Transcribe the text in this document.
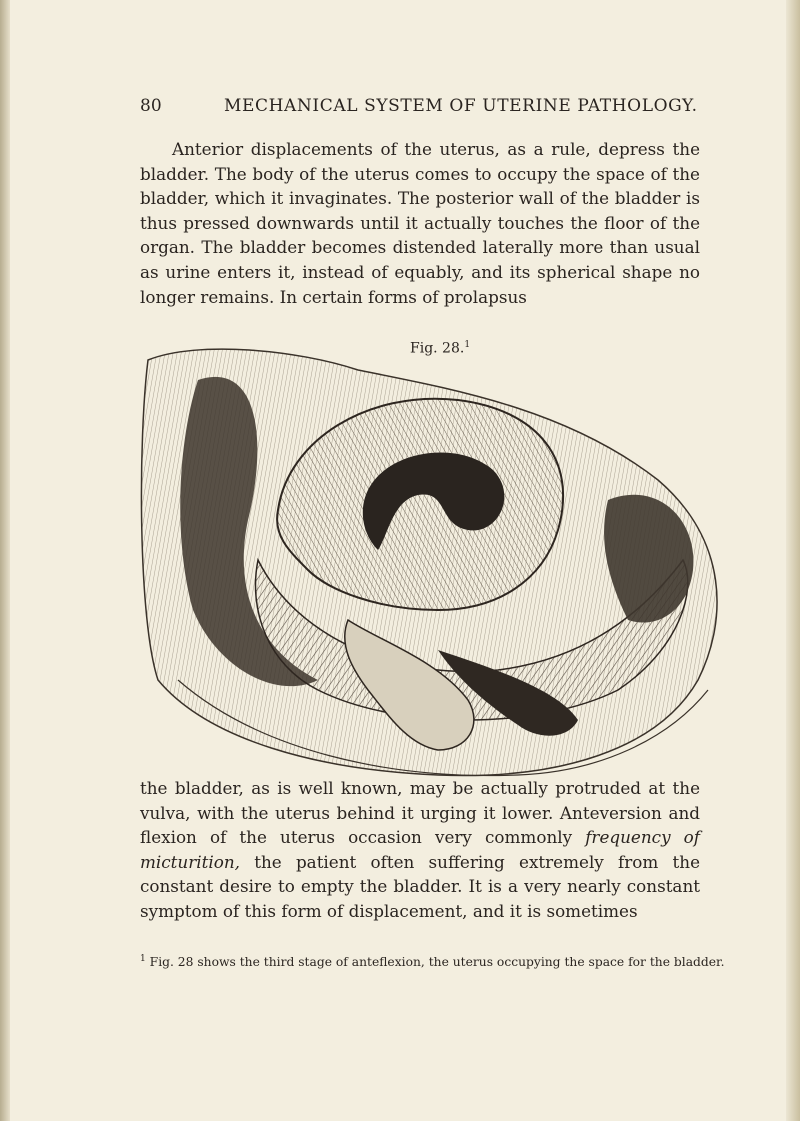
80	MECHANICAL SYSTEM OF UTERINE PATHOLOGY.

Anterior displacements of the uterus, as a rule, depress the bladder. The body of the uterus comes to occupy the space of the bladder, which it invaginates. The posterior wall of the bladder is thus pressed downwards until it actually touches the floor of the organ. The bladder becomes distended laterally more than usual as urine enters it, instead of equably, and its spherical shape no longer remains. In certain forms of prolapsus

Fig. 28.$^1$

the bladder, as is well known, may be actually protruded at the vulva, with the uterus behind it urging it lower. Anteversion and flexion of the uterus occasion very commonly frequency of micturition, the patient often suffering extremely from the constant desire to empty the bladder. It is a very nearly constant symptom of this form of displacement, and it is sometimes

$^1$ Fig. 28 shows the third stage of anteflexion, the uterus occupying the space for the bladder.
